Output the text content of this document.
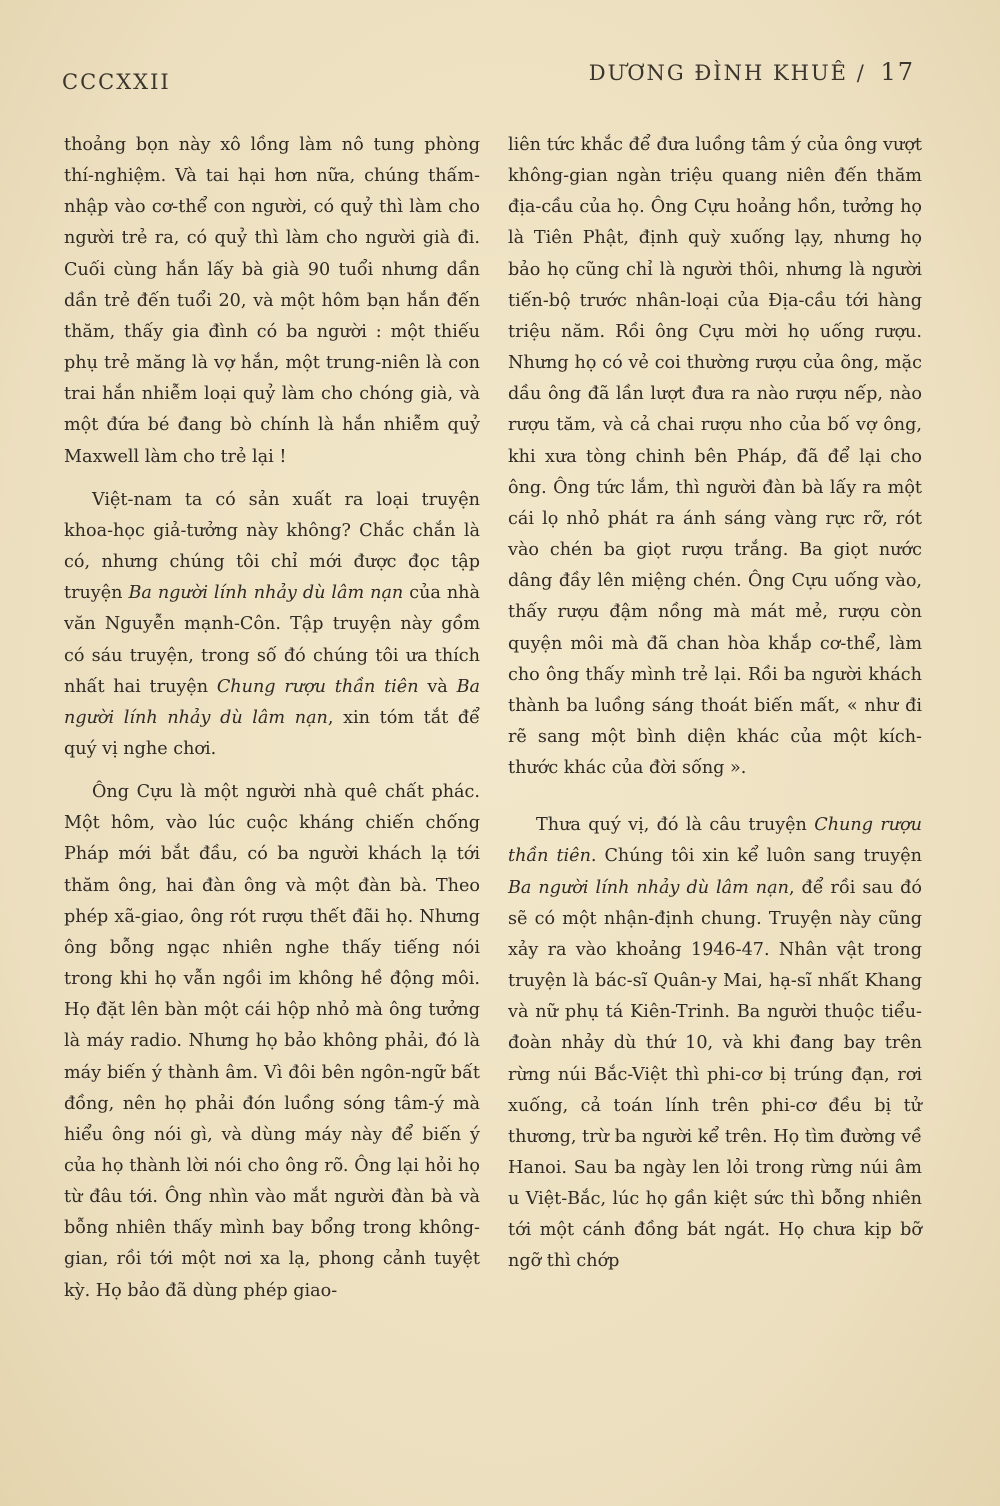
CCCXXII	DƯƠNG ĐÌNH KHUÊ / 17

thoảng bọn này xô lồng làm nô tung phòng thí-nghiệm. Và tai hại hơn nữa, chúng thấm-nhập vào cơ-thể con người, có quỷ thì làm cho người trẻ ra, có quỷ thì làm cho người già đi. Cuối cùng hắn lấy bà già 90 tuổi nhưng dần dần trẻ đến tuổi 20, và một hôm bạn hắn đến thăm, thấy gia đình có ba người : một thiếu phụ trẻ măng là vợ hắn, một trung-niên là con trai hắn nhiễm loại quỷ làm cho chóng già, và một đứa bé đang bò chính là hắn nhiễm quỷ Maxwell làm cho trẻ lại !

Việt-nam ta có sản xuất ra loại truyện khoa-học giả-tưởng này không? Chắc chắn là có, nhưng chúng tôi chỉ mới được đọc tập truyện Ba người lính nhảy dù lâm nạn của nhà văn Nguyễn mạnh-Côn. Tập truyện này gồm có sáu truyện, trong số đó chúng tôi ưa thích nhất hai truyện Chung rượu thần tiên và Ba người lính nhảy dù lâm nạn, xin tóm tắt để quý vị nghe chơi.

Ông Cựu là một người nhà quê chất phác. Một hôm, vào lúc cuộc kháng chiến chống Pháp mới bắt đầu, có ba người khách lạ tới thăm ông, hai đàn ông và một đàn bà. Theo phép xã-giao, ông rót rượu thết đãi họ. Nhưng ông bỗng ngạc nhiên nghe thấy tiếng nói trong khi họ vẫn ngồi im không hề động môi. Họ đặt lên bàn một cái hộp nhỏ mà ông tưởng là máy radio. Nhưng họ bảo không phải, đó là máy biến ý thành âm. Vì đôi bên ngôn-ngữ bất đồng, nên họ phải đón luồng sóng tâm-ý mà hiểu ông nói gì, và dùng máy này để biến ý của họ thành lời nói cho ông rõ. Ông lại hỏi họ từ đâu tới. Ông nhìn vào mắt người đàn bà và bỗng nhiên thấy mình bay bổng trong không-gian, rồi tới một nơi xa lạ, phong cảnh tuyệt kỳ. Họ bảo đã dùng phép giao-

liên tức khắc để đưa luồng tâm ý của ông vượt không-gian ngàn triệu quang niên đến thăm địa-cầu của họ. Ông Cựu hoảng hồn, tưởng họ là Tiên Phật, định quỳ xuống lạy, nhưng họ bảo họ cũng chỉ là người thôi, nhưng là người tiến-bộ trước nhân-loại của Địa-cầu tới hàng triệu năm. Rồi ông Cựu mời họ uống rượu. Nhưng họ có vẻ coi thường rượu của ông, mặc dầu ông đã lần lượt đưa ra nào rượu nếp, nào rượu tăm, và cả chai rượu nho của bố vợ ông, khi xưa tòng chinh bên Pháp, đã để lại cho ông. Ông tức lắm, thì người đàn bà lấy ra một cái lọ nhỏ phát ra ánh sáng vàng rực rỡ, rót vào chén ba giọt rượu trắng. Ba giọt nước dâng đầy lên miệng chén. Ông Cựu uống vào, thấy rượu đậm nồng mà mát mẻ, rượu còn quyện môi mà đã chan hòa khắp cơ-thể, làm cho ông thấy mình trẻ lại. Rồi ba người khách thành ba luồng sáng thoát biến mất, « như đi rẽ sang một bình diện khác của một kích-thước khác của đời sống ».

Thưa quý vị, đó là câu truyện Chung rượu thần tiên. Chúng tôi xin kể luôn sang truyện Ba người lính nhảy dù lâm nạn, để rồi sau đó sẽ có một nhận-định chung. Truyện này cũng xảy ra vào khoảng 1946-47. Nhân vật trong truyện là bác-sĩ Quân-y Mai, hạ-sĩ nhất Khang và nữ phụ tá Kiên-Trinh. Ba người thuộc tiểu-đoàn nhảy dù thứ 10, và khi đang bay trên rừng núi Bắc-Việt thì phi-cơ bị trúng đạn, rơi xuống, cả toán lính trên phi-cơ đều bị tử thương, trừ ba người kể trên. Họ tìm đường về Hanoi. Sau ba ngày len lỏi trong rừng núi âm u Việt-Bắc, lúc họ gần kiệt sức thì bỗng nhiên tới một cánh đồng bát ngát. Họ chưa kịp bỡ ngỡ thì chớp
